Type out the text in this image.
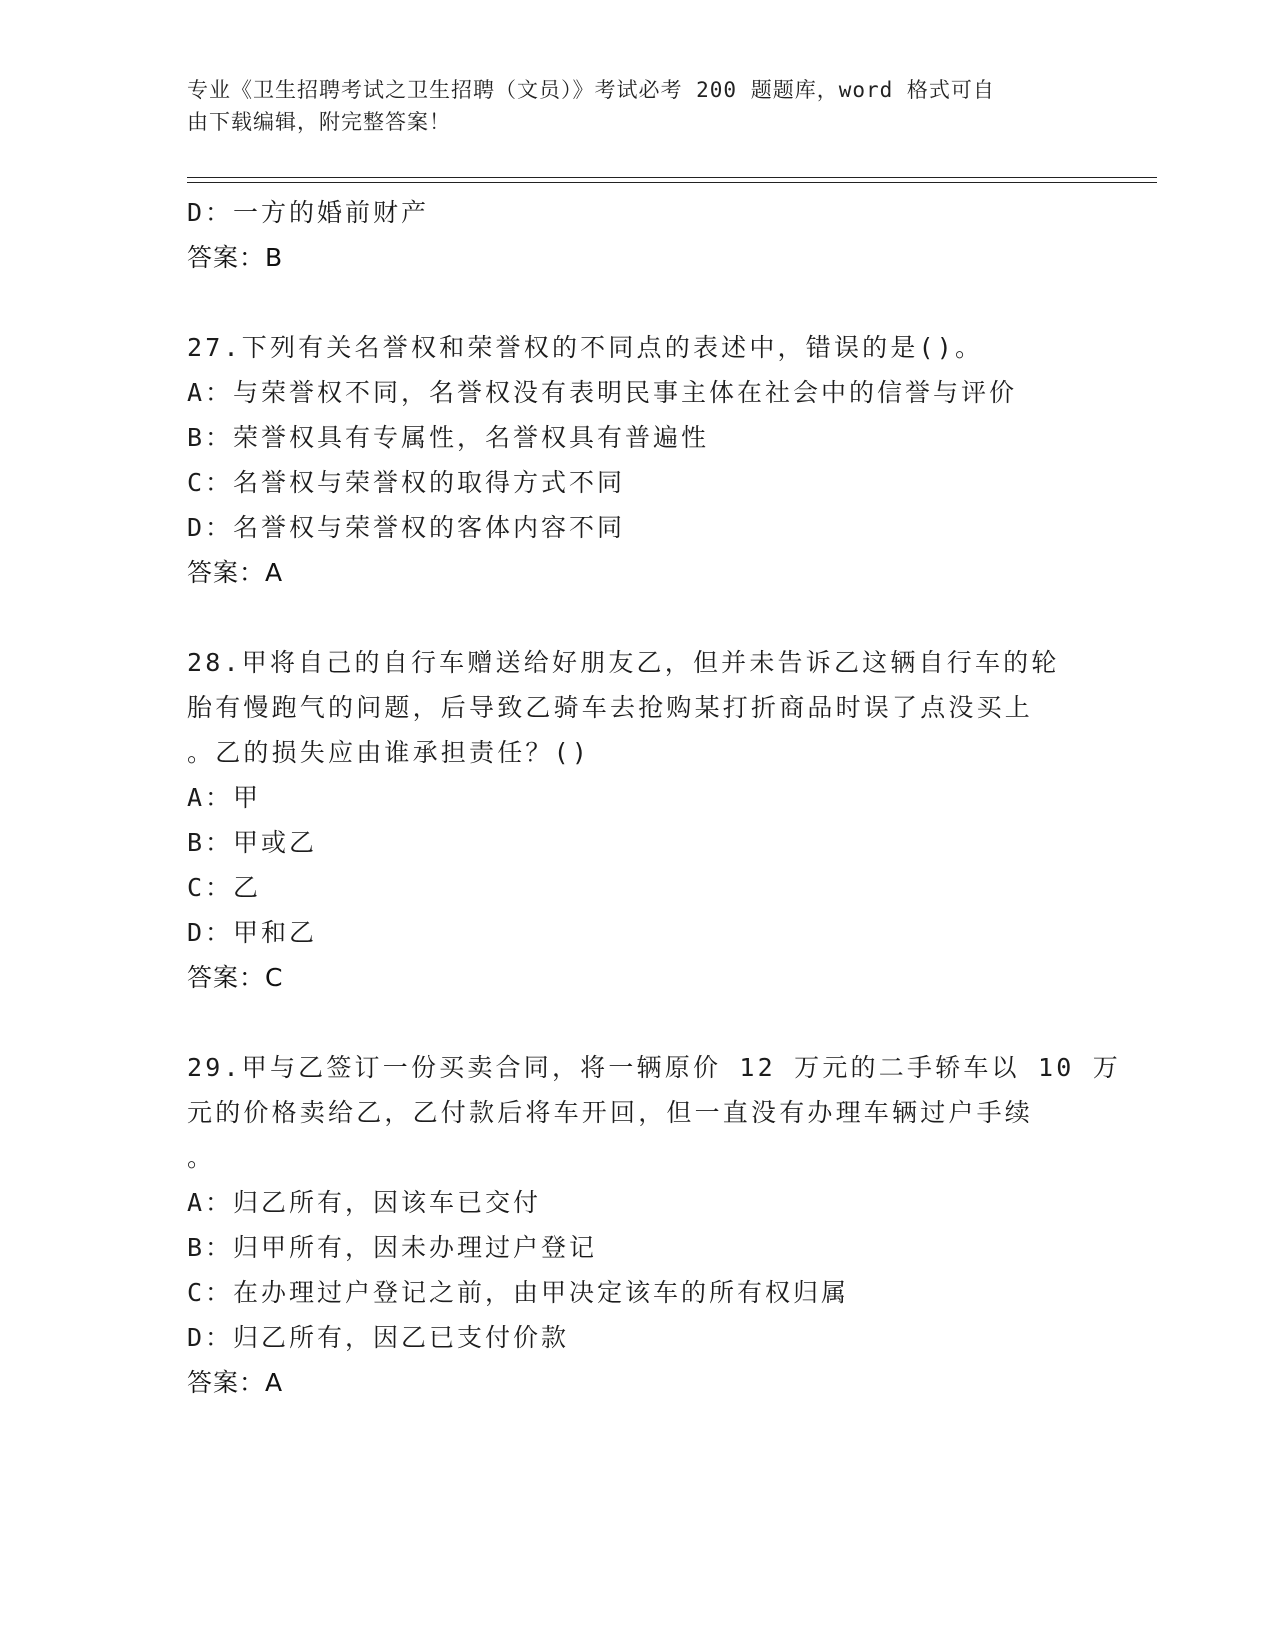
专业《卫生招聘考试之卫生招聘（文员）》考试必考 200 题题库，word 格式可自
由下载编辑，附完整答案！
D：一方的婚前财产
答案：B
27.下列有关名誉权和荣誉权的不同点的表述中，错误的是()。
A：与荣誉权不同，名誉权没有表明民事主体在社会中的信誉与评价
B：荣誉权具有专属性，名誉权具有普遍性
C：名誉权与荣誉权的取得方式不同
D：名誉权与荣誉权的客体内容不同
答案：A
28.甲将自己的自行车赠送给好朋友乙，但并未告诉乙这辆自行车的轮
胎有慢跑气的问题，后导致乙骑车去抢购某打折商品时误了点没买上
。乙的损失应由谁承担责任？()
A：甲
B：甲或乙
C：乙
D：甲和乙
答案：C
29.甲与乙签订一份买卖合同，将一辆原价 12 万元的二手轿车以 10 万
元的价格卖给乙，乙付款后将车开回，但一直没有办理车辆过户手续
。
A：归乙所有，因该车已交付
B：归甲所有，因未办理过户登记
C：在办理过户登记之前，由甲决定该车的所有权归属
D：归乙所有，因乙已支付价款
答案：A
